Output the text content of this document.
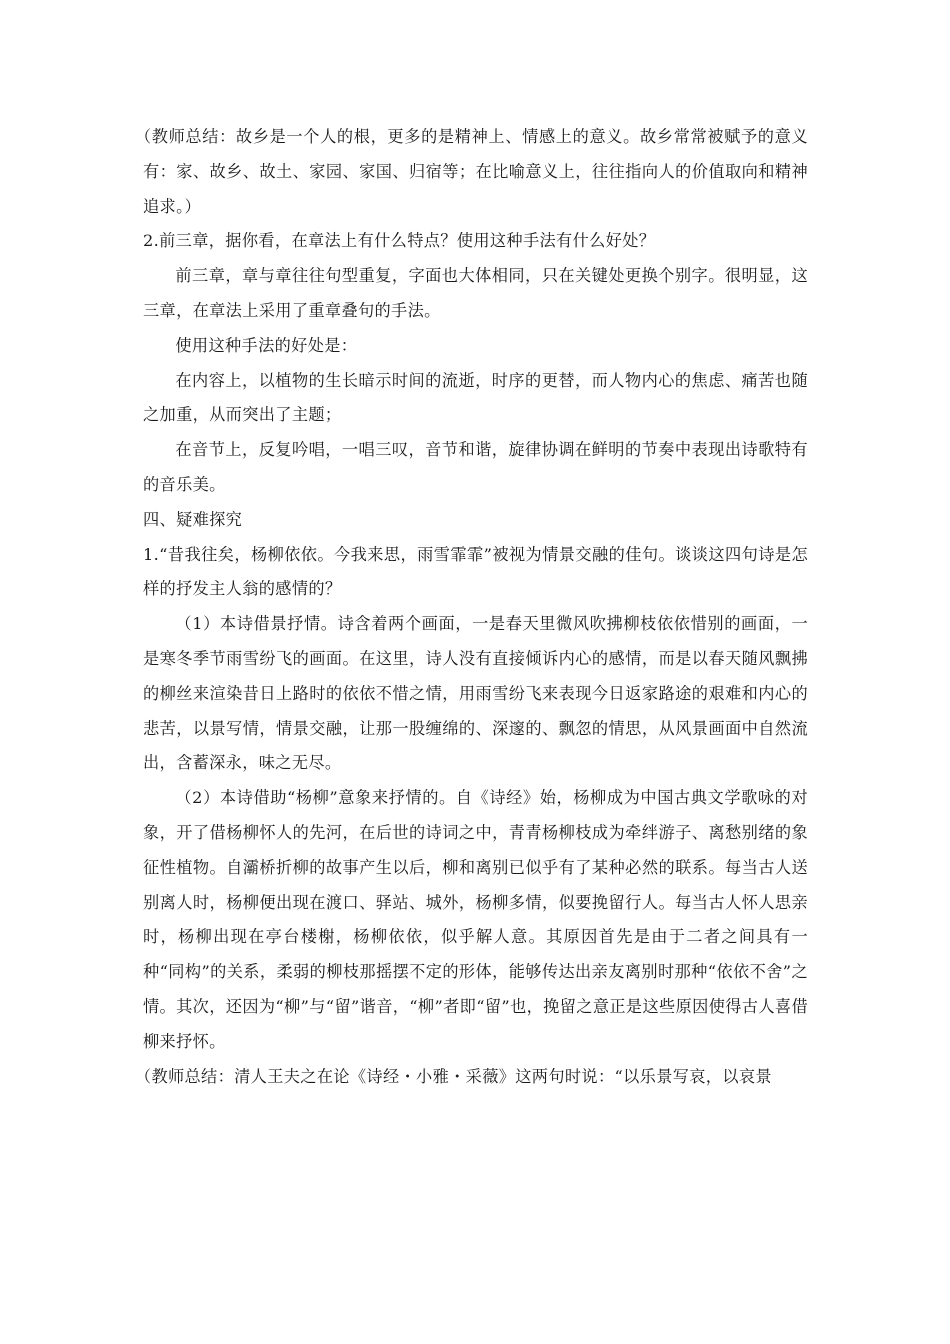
（教师总结：故乡是一个人的根，更多的是精神上、情感上的意义。故乡常常被赋予的意义有：家、故乡、故土、家园、家国、归宿等；在比喻意义上，往往指向人的价值取向和精神追求。）

2.前三章，据你看，在章法上有什么特点？使用这种手法有什么好处？

前三章，章与章往往句型重复，字面也大体相同，只在关键处更换个别字。很明显，这三章，在章法上采用了重章叠句的手法。

使用这种手法的好处是：

在内容上，以植物的生长暗示时间的流逝，时序的更替，而人物内心的焦虑、痛苦也随之加重，从而突出了主题；

在音节上，反复吟唱，一唱三叹，音节和谐，旋律协调在鲜明的节奏中表现出诗歌特有的音乐美。

四、疑难探究

1.“昔我往矣，杨柳依依。今我来思，雨雪霏霏”被视为情景交融的佳句。谈谈这四句诗是怎样的抒发主人翁的感情的？

（1）本诗借景抒情。诗含着两个画面，一是春天里微风吹拂柳枝依依惜别的画面，一是寒冬季节雨雪纷飞的画面。在这里，诗人没有直接倾诉内心的感情，而是以春天随风飘拂的柳丝来渲染昔日上路时的依依不惜之情，用雨雪纷飞来表现今日返家路途的艰难和内心的悲苦，以景写情，情景交融，让那一股缠绵的、深邃的、飘忽的情思，从风景画面中自然流出，含蓄深永，味之无尽。

（2）本诗借助“杨柳”意象来抒情的。自《诗经》始，杨柳成为中国古典文学歌咏的对象，开了借杨柳怀人的先河，在后世的诗词之中，青青杨柳枝成为牵绊游子、离愁别绪的象征性植物。自灞桥折柳的故事产生以后，柳和离别已似乎有了某种必然的联系。每当古人送别离人时，杨柳便出现在渡口、驿站、城外，杨柳多情，似要挽留行人。每当古人怀人思亲时，杨柳出现在亭台楼榭，杨柳依依，似乎解人意。其原因首先是由于二者之间具有一种“同构”的关系，柔弱的柳枝那摇摆不定的形体，能够传达出亲友离别时那种“依依不舍”之情。其次，还因为“柳”与“留”谐音，“柳”者即“留”也，挽留之意正是这些原因使得古人喜借柳来抒怀。

（教师总结：清人王夫之在论《诗经・小雅・采薇》这两句时说：“以乐景写哀，以哀景
